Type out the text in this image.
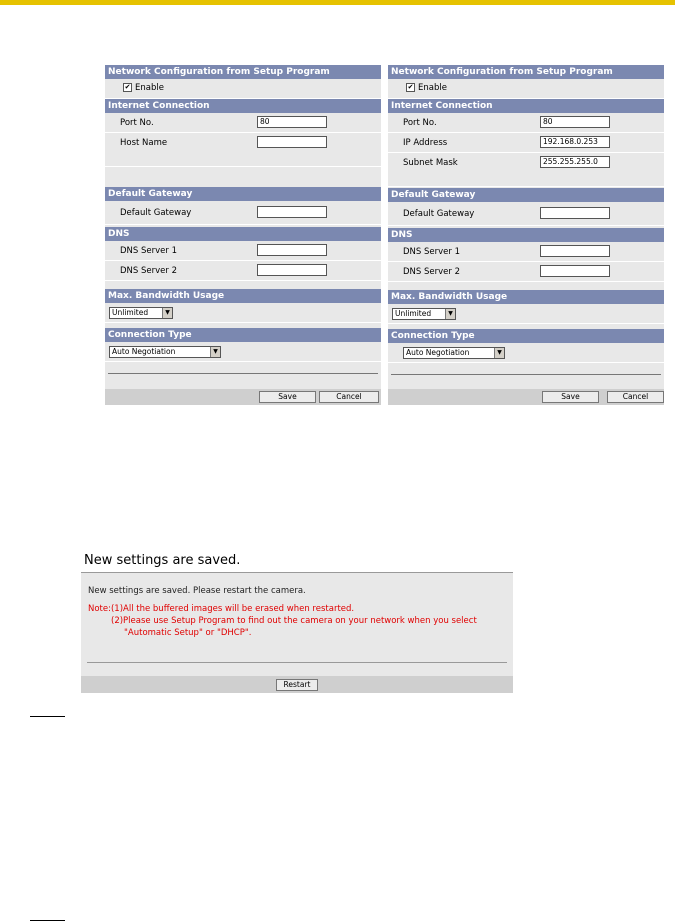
Network Configuration from Setup Program
✔ Enable
Internet Connection
Port No.	80
Host Name
Default Gateway
Default Gateway
DNS
DNS Server 1
DNS Server 2
Max. Bandwidth Usage
Unlimited	▼
Connection Type
Auto Negotiation	▼
Save	Cancel
Network Configuration from Setup Program
✔ Enable
Internet Connection
Port No.	80
IP Address	192.168.0.253
Subnet Mask	255.255.255.0
Default Gateway
Default Gateway
DNS
DNS Server 1
DNS Server 2
Max. Bandwidth Usage
Unlimited	▼
Connection Type
Auto Negotiation	▼
Save	Cancel
New settings are saved.
New settings are saved. Please restart the camera.
Note:(1)All the buffered images will be erased when restarted.
(2)Please use Setup Program to find out the camera on your network when you select
"Automatic Setup" or "DHCP".
Restart
